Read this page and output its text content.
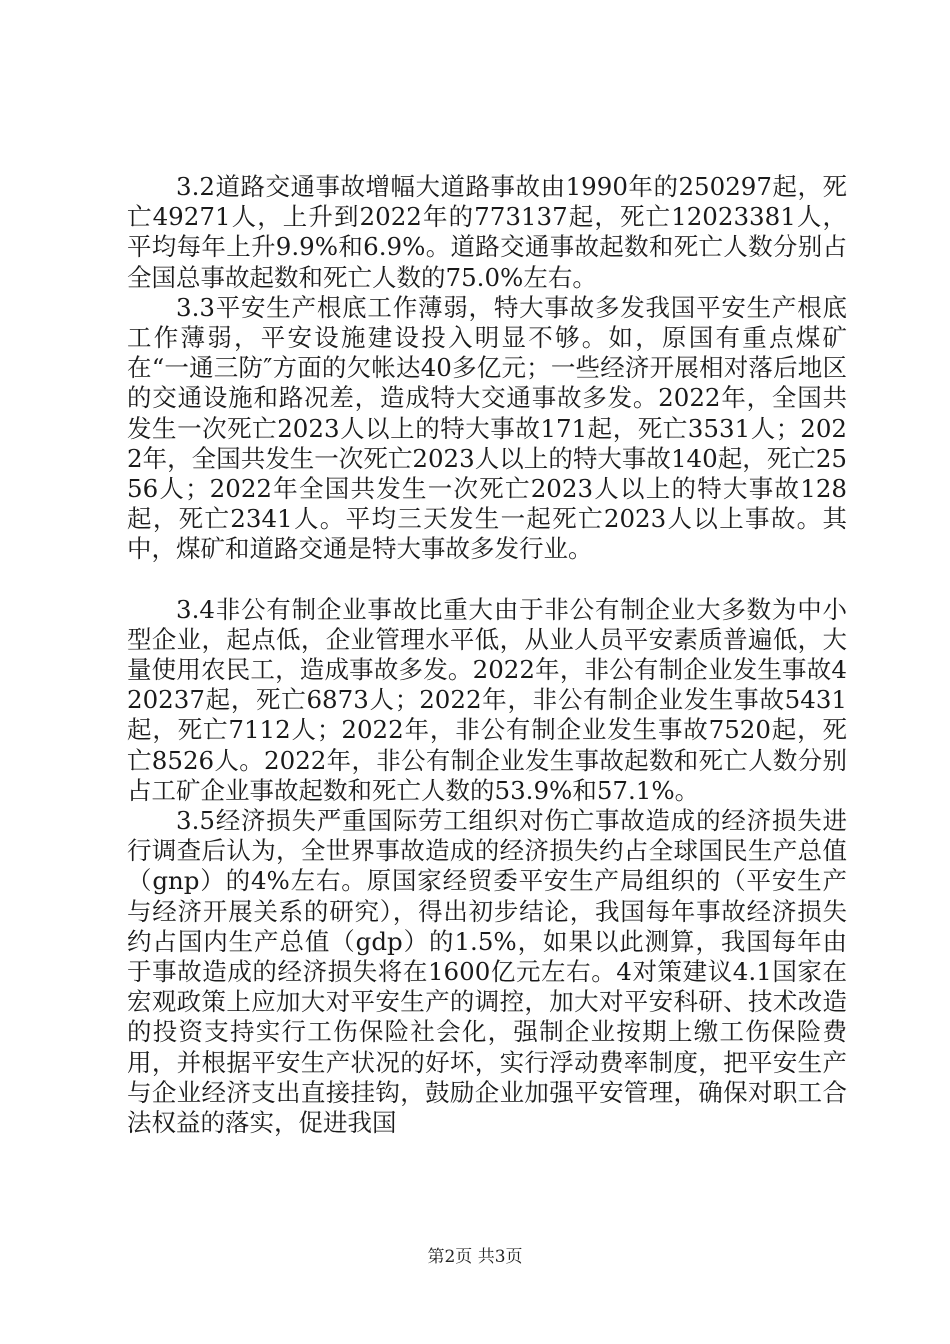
3.2道路交通事故增幅大道路事故由1990年的250297起，死亡49271人，上升到2022年的773137起，死亡12023381人，平均每年上升9.9%和6.9%。道路交通事故起数和死亡人数分别占全国总事故起数和死亡人数的75.0%左右。

3.3平安生产根底工作薄弱，特大事故多发我国平安生产根底工作薄弱，平安设施建设投入明显不够。如，原国有重点煤矿在“一通三防″方面的欠帐达40多亿元；一些经济开展相对落后地区的交通设施和路况差，造成特大交通事故多发。2022年，全国共发生一次死亡2023人以上的特大事故171起，死亡3531人；2022年，全国共发生一次死亡2023人以上的特大事故140起，死亡2556人；2022年全国共发生一次死亡2023人以上的特大事故128起，死亡2341人。平均三天发生一起死亡2023人以上事故。其中，煤矿和道路交通是特大事故多发行业。

3.4非公有制企业事故比重大由于非公有制企业大多数为中小型企业，起点低，企业管理水平低，从业人员平安素质普遍低，大量使用农民工，造成事故多发。2022年，非公有制企业发生事故420237起，死亡6873人；2022年，非公有制企业发生事故5431起，死亡7112人；2022年，非公有制企业发生事故7520起，死亡8526人。2022年，非公有制企业发生事故起数和死亡人数分别占工矿企业事故起数和死亡人数的53.9%和57.1%。

3.5经济损失严重国际劳工组织对伤亡事故造成的经济损失进行调查后认为，全世界事故造成的经济损失约占全球国民生产总值（gnp）的4%左右。原国家经贸委平安生产局组织的（平安生产与经济开展关系的研究），得出初步结论，我国每年事故经济损失约占国内生产总值（gdp）的1.5%，如果以此测算，我国每年由于事故造成的经济损失将在1600亿元左右。4对策建议4.1国家在宏观政策上应加大对平安生产的调控，加大对平安科研、技术改造的投资支持实行工伤保险社会化，强制企业按期上缴工伤保险费用，并根据平安生产状况的好坏，实行浮动费率制度，把平安生产与企业经济支出直接挂钩，鼓励企业加强平安管理，确保对职工合法权益的落实，促进我国

第2页 共3页
